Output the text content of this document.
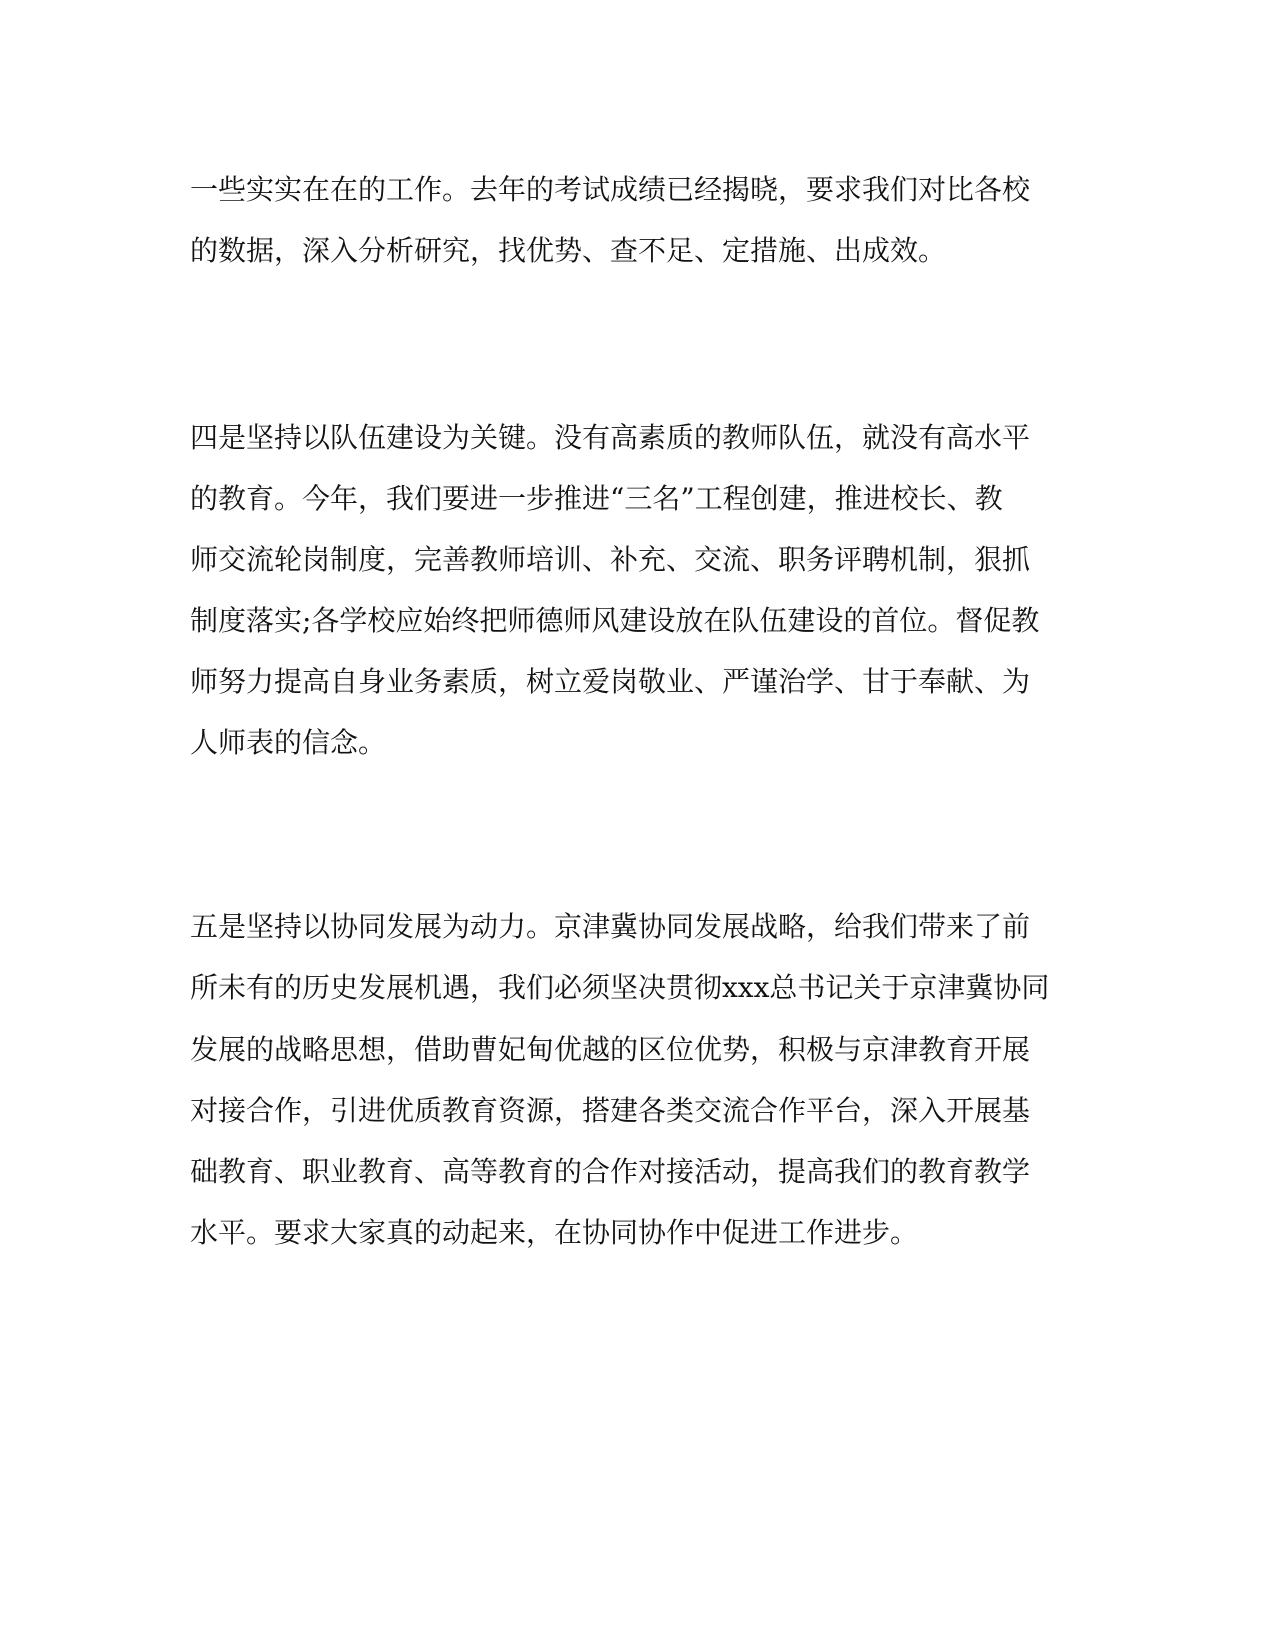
一些实实在在的工作。去年的考试成绩已经揭晓，要求我们对比各校
的数据，深入分析研究，找优势、查不足、定措施、出成效。
四是坚持以队伍建设为关键。没有高素质的教师队伍，就没有高水平
的教育。今年，我们要进一步推进“三名”工程创建，推进校长、教
师交流轮岗制度，完善教师培训、补充、交流、职务评聘机制，狠抓
制度落实;各学校应始终把师德师风建设放在队伍建设的首位。督促教
师努力提高自身业务素质，树立爱岗敬业、严谨治学、甘于奉献、为
人师表的信念。
五是坚持以协同发展为动力。京津冀协同发展战略，给我们带来了前
所未有的历史发展机遇，我们必须坚决贯彻xxx总书记关于京津冀协同
发展的战略思想，借助曹妃甸优越的区位优势，积极与京津教育开展
对接合作，引进优质教育资源，搭建各类交流合作平台，深入开展基
础教育、职业教育、高等教育的合作对接活动，提高我们的教育教学
水平。要求大家真的动起来，在协同协作中促进工作进步。
